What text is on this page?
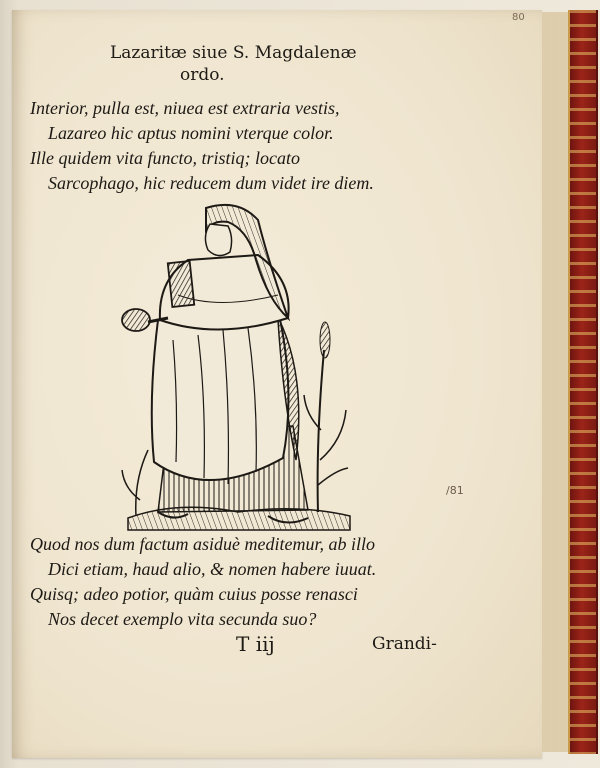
80
Lazaritæ siue S. Magdalenæ
ordo.
Interior, pulla est, niuea est extraria vestis,
Lazareo hic aptus nomini vterque color.
Ille quidem vita functo, tristiq; locato
Sarcophago, hic reducem dum videt ire diem.
Quod nos dum factum asiduè meditemur, ab illo
Dici etiam, haud alio, & nomen habere iuuat.
Quisq; adeo potior, quàm cuius posse renasci
Nos decet exemplo vita secunda suo?
/81
T iij	Grandi-
